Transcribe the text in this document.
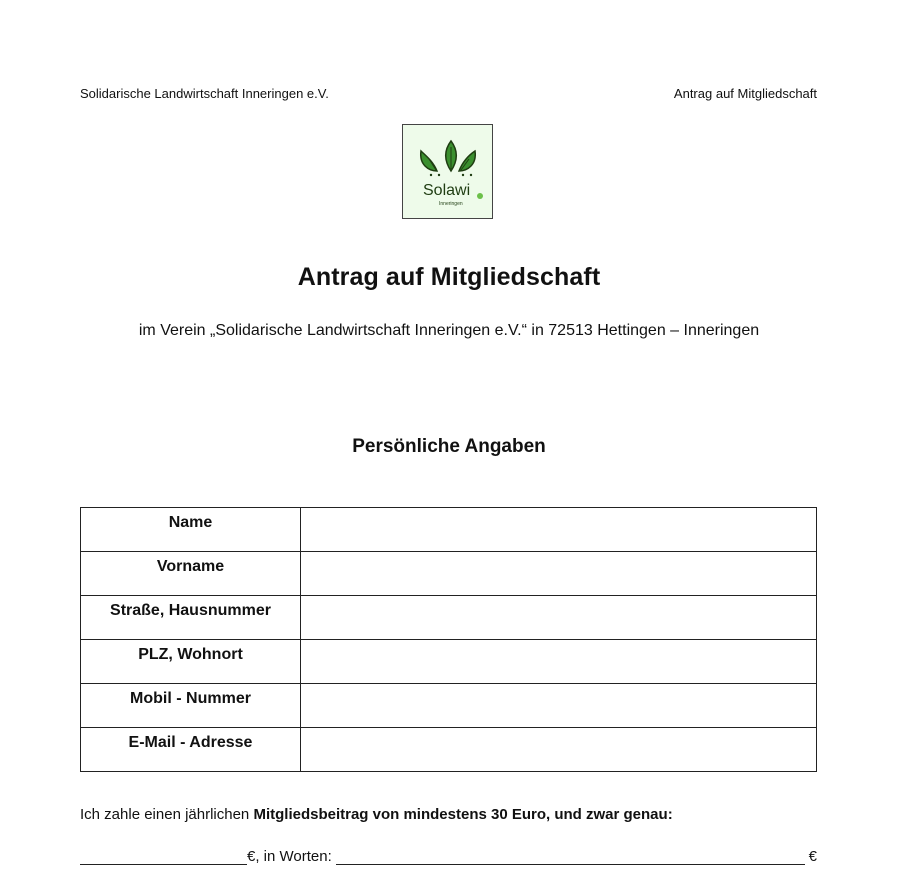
Solidarische Landwirtschaft Inneringen e.V.	Antrag auf Mitgliedschaft
Solawi
Inneringen
Antrag auf Mitgliedschaft
im Verein „Solidarische Landwirtschaft Inneringen e.V.“ in 72513 Hettingen – Inneringen
Persönliche Angaben
Name	
Vorname	
Straße, Hausnummer	
PLZ, Wohnort	
Mobil - Nummer	
E-Mail - Adresse	
Ich zahle einen jährlichen Mitgliedsbeitrag von mindestens 30 Euro, und zwar genau:
€, in Worten:	€
